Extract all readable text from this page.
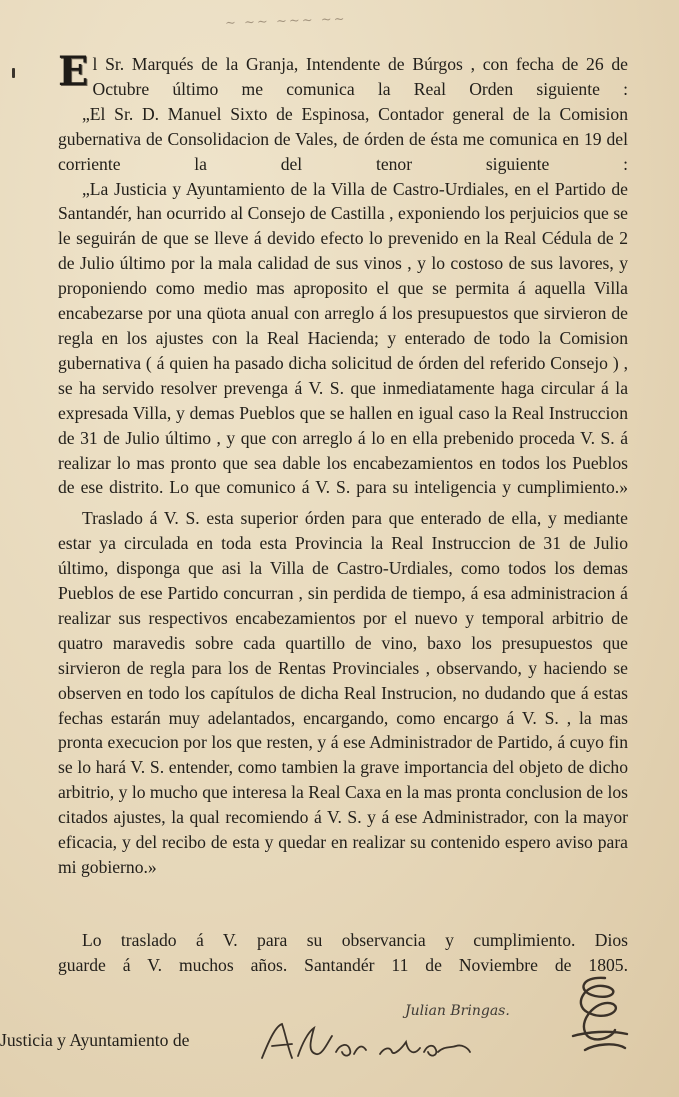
~ ~~ ~~~ ~~

El Sr. Marqués de la Granja, Intendente de Búrgos , con fecha de 26 de Octubre último me comunica la Real Orden siguiente :

„El Sr. D. Manuel Sixto de Espinosa, Contador general de la Comision gubernativa de Consolidacion de Vales, de órden de ésta me comunica en 19 del corriente la del tenor siguiente :

„La Justicia y Ayuntamiento de la Villa de Castro-Urdiales, en el Partido de Santandér, han ocurrido al Consejo de Castilla , exponiendo los perjuicios que se le seguirán de que se lleve á devido efecto lo prevenido en la Real Cédula de 2 de Julio último por la mala calidad de sus vinos , y lo costoso de sus lavores, y proponiendo como medio mas aproposito el que se permita á aquella Villa encabezarse por una qüota anual con arreglo á los presupuestos que sirvieron de regla en los ajustes con la Real Hacienda; y enterado de todo la Comision gubernativa ( á quien ha pasado dicha solicitud de órden del referido Consejo ) , se ha servido resolver prevenga á V. S. que inmediatamente haga circular á la expresada Villa, y demas Pueblos que se hallen en igual caso la Real Instruccion de 31 de Julio último , y que con arreglo á lo en ella prebenido proceda V. S. á realizar lo mas pronto que sea dable los encabezamientos en todos los Pueblos de ese distrito. Lo que comunico á V. S. para su inteligencia y cumplimiento.»

Traslado á V. S. esta superior órden para que enterado de ella, y mediante estar ya circulada en toda esta Provincia la Real Instruccion de 31 de Julio último, disponga que asi la Villa de Castro-Urdiales, como todos los demas Pueblos de ese Partido concurran , sin perdida de tiempo, á esa administracion á realizar sus respectivos encabezamientos por el nuevo y temporal arbitrio de quatro maravedis sobre cada quartillo de vino, baxo los presupuestos que sirvieron de regla para los de Rentas Provinciales , observando, y haciendo se observen en todo los capítulos de dicha Real Instrucion, no dudando que á estas fechas estarán muy adelantados, encargando, como encargo á V. S. , la mas pronta execucion por los que resten, y á ese Administrador de Partido, á cuyo fin se lo hará V. S. entender, como tambien la grave importancia del objeto de dicho arbitrio, y lo mucho que interesa la Real Caxa en la mas pronta conclusion de los citados ajustes, la qual recomiendo á V. S. y á ese Administrador, con la mayor eficacia, y del recibo de esta y quedar en realizar su contenido espero aviso para mi gobierno.»

Lo traslado á V. para su observancia y cumplimiento. Dios
guarde á V. muchos años. Santandér 11 de Noviembre de 1805.
Julian Bringas.
Justicia y Ayuntamiento de
